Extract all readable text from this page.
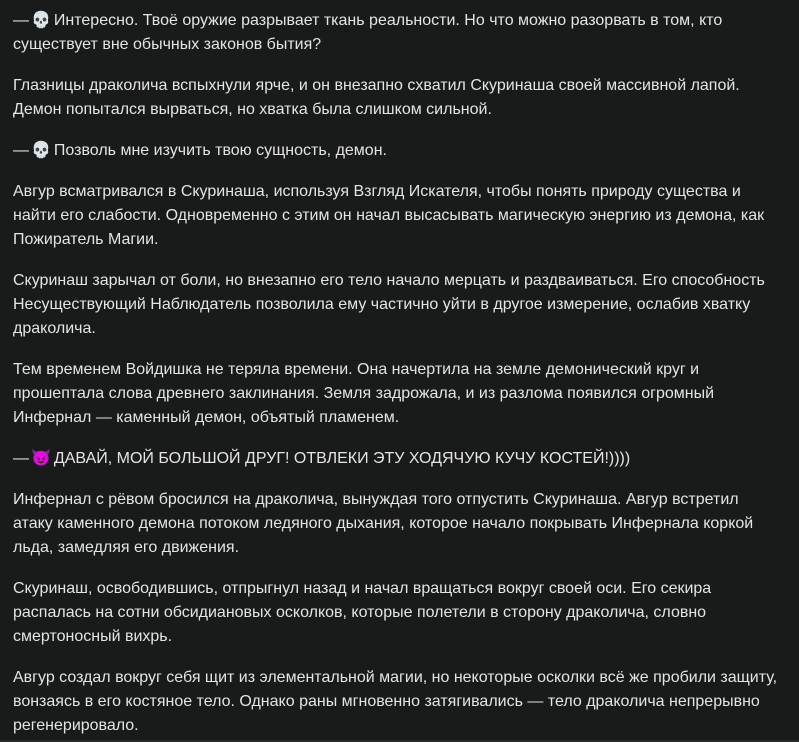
— 💀 Интересно. Твоё оружие разрывает ткань реальности. Но что можно разорвать в том, кто существует вне обычных законов бытия?

Глазницы драколича вспыхнули ярче, и он внезапно схватил Скуринаша своей массивной лапой. Демон попытался вырваться, но хватка была слишком сильной.

— 💀 Позволь мне изучить твою сущность, демон.

Авгур всматривался в Скуринаша, используя Взгляд Искателя, чтобы понять природу существа и найти его слабости. Одновременно с этим он начал высасывать магическую энергию из демона, как Пожиратель Магии.

Скуринаш зарычал от боли, но внезапно его тело начало мерцать и раздваиваться. Его способность Несуществующий Наблюдатель позволила ему частично уйти в другое измерение, ослабив хватку драколича.

Тем временем Войдишка не теряла времени. Она начертила на земле демонический круг и прошептала слова древнего заклинания. Земля задрожала, и из разлома появился огромный Инфернал — каменный демон, объятый пламенем.

— 😈 ДАВАЙ, МОЙ БОЛЬШОЙ ДРУГ! ОТВЛЕКИ ЭТУ ХОДЯЧУЮ КУЧУ КОСТЕЙ!))))

Инфернал с рёвом бросился на драколича, вынуждая того отпустить Скуринаша. Авгур встретил атаку каменного демона потоком ледяного дыхания, которое начало покрывать Инфернала коркой льда, замедляя его движения.

Скуринаш, освободившись, отпрыгнул назад и начал вращаться вокруг своей оси. Его секира распалась на сотни обсидиановых осколков, которые полетели в сторону драколича, словно смертоносный вихрь.

Авгур создал вокруг себя щит из элементальной магии, но некоторые осколки всё же пробили защиту, вонзаясь в его костяное тело. Однако раны мгновенно затягивались — тело драколича непрерывно регенерировало.
